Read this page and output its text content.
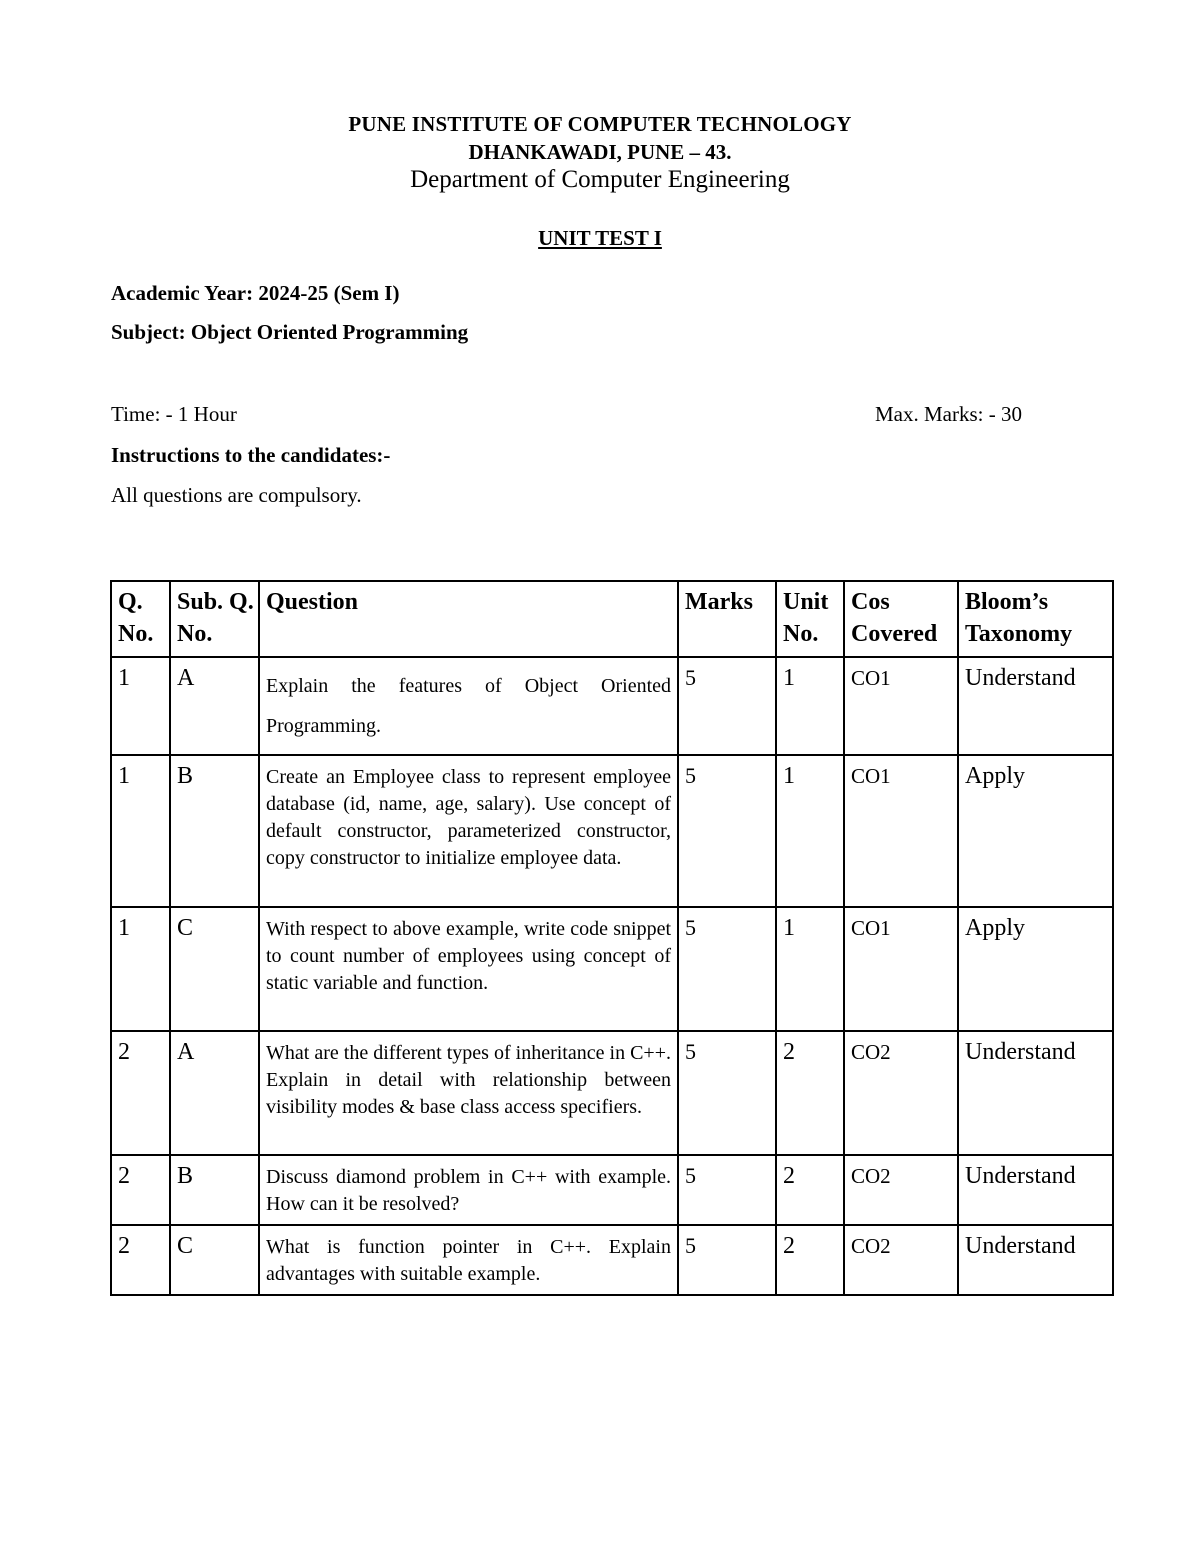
PUNE INSTITUTE OF COMPUTER TECHNOLOGY
DHANKAWADI, PUNE – 43.
Department of Computer Engineering
UNIT TEST I
Academic Year: 2024-25 (Sem I)
Subject: Object Oriented Programming
Time: - 1 Hour	Max. Marks: - 30
Instructions to the candidates:-
All questions are compulsory.
Q. No.	Sub. Q. No.	Question	Marks	Unit No.	Cos Covered	Bloom’s Taxonomy
1	A	Explain the features of Object Oriented Programming.	5	1	CO1	Understand
1	B	Create an Employee class to represent employee database (id, name, age, salary). Use concept of default constructor, parameterized constructor, copy constructor to initialize employee data.	5	1	CO1	Apply
1	C	With respect to above example, write code snippet to count number of employees using concept of static variable and function.	5	1	CO1	Apply
2	A	What are the different types of inheritance in C++. Explain in detail with relationship between visibility modes & base class access specifiers.	5	2	CO2	Understand
2	B	Discuss diamond problem in C++ with example. How can it be resolved?	5	2	CO2	Understand
2	C	What is function pointer in C++. Explain advantages with suitable example.	5	2	CO2	Understand
